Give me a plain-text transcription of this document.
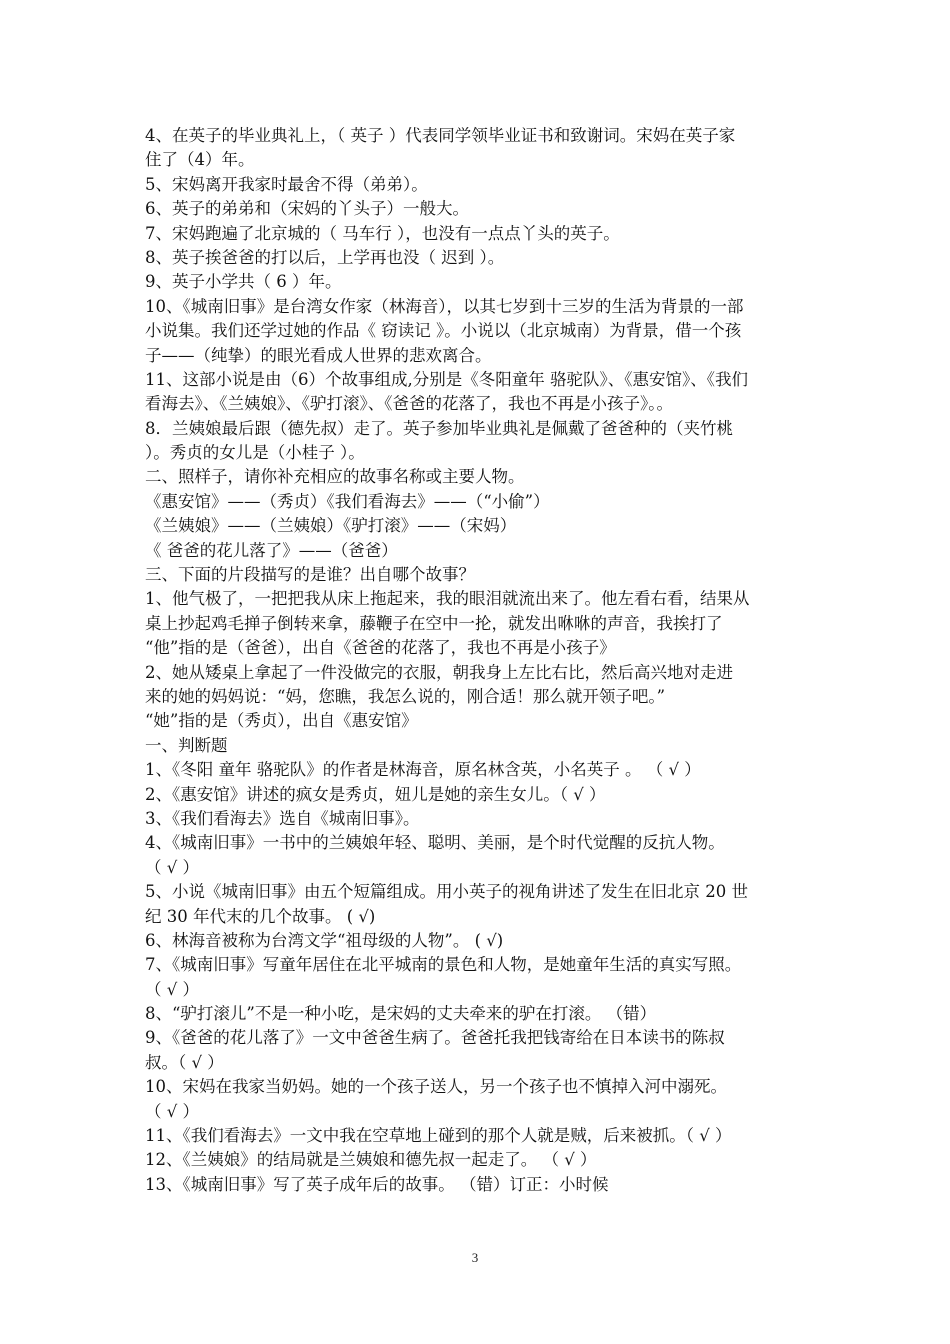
4、在英子的毕业典礼上，（ 英子 ）代表同学领毕业证书和致谢词。宋妈在英子家
住了（4）年。
5、宋妈离开我家时最舍不得（弟弟）。
6、英子的弟弟和（宋妈的丫头子）一般大。
7、宋妈跑遍了北京城的（ 马车行 ），也没有一点点丫头的英子。
8、英子挨爸爸的打以后，上学再也没（ 迟到 ）。
9、英子小学共（ 6 ）年。
10、《城南旧事》是台湾女作家（林海音），以其七岁到十三岁的生活为背景的一部
小说集。我们还学过她的作品《 窃读记 》。小说以（北京城南）为背景，借一个孩
子——（纯挚）的眼光看成人世界的悲欢离合。
11、这部小说是由（6）个故事组成,分别是《冬阳童年 骆驼队》、《惠安馆》、《我们
看海去》、《兰姨娘》、《驴打滚》、《爸爸的花落了，我也不再是小孩子》。。
8．兰姨娘最后跟（德先叔）走了。英子参加毕业典礼是佩戴了爸爸种的（夹竹桃
）。秀贞的女儿是（小桂子 ）。
二、照样子，请你补充相应的故事名称或主要人物。
《惠安馆》——（秀贞）《我们看海去》——（“小偷”）
《兰姨娘》——（兰姨娘）《驴打滚》——（宋妈）
《 爸爸的花儿落了》——（爸爸）
三、下面的片段描写的是谁？出自哪个故事？
1、他气极了，一把把我从床上拖起来，我的眼泪就流出来了。他左看右看，结果从
桌上抄起鸡毛掸子倒转来拿，藤鞭子在空中一抡，就发出咻咻的声音，我挨打了
“他”指的是（爸爸），出自《爸爸的花落了，我也不再是小孩子》
2、她从矮桌上拿起了一件没做完的衣服，朝我身上左比右比，然后高兴地对走进
来的她的妈妈说：“妈，您瞧，我怎么说的，刚合适！那么就开领子吧。”
“她”指的是（秀贞），出自《惠安馆》
一、判断题
1、《冬阳 童年 骆驼队》的作者是林海音，原名林含英，小名英子 。 （ √ ）
2、《惠安馆》讲述的疯女是秀贞，妞儿是她的亲生女儿。（ √ ）
3、《我们看海去》选自《城南旧事》。
4、《城南旧事》一书中的兰姨娘年轻、聪明、美丽，是个时代觉醒的反抗人物。
（ √ ）
5、小说《城南旧事》由五个短篇组成。用小英子的视角讲述了发生在旧北京 20 世
纪 30 年代末的几个故事。 ( √)
6、林海音被称为台湾文学“祖母级的人物”。 ( √)
7、《城南旧事》写童年居住在北平城南的景色和人物，是她童年生活的真实写照。
（ √ ）
8、“驴打滚儿”不是一种小吃，是宋妈的丈夫牵来的驴在打滚。 （错）
9、《爸爸的花儿落了》一文中爸爸生病了。爸爸托我把钱寄给在日本读书的陈叔
叔。（ √ ）
10、宋妈在我家当奶妈。她的一个孩子送人，另一个孩子也不慎掉入河中溺死。
（ √ ）
11、《我们看海去》一文中我在空草地上碰到的那个人就是贼，后来被抓。（ √ ）
12、《兰姨娘》的结局就是兰姨娘和德先叔一起走了。 （ √ ）
13、《城南旧事》写了英子成年后的故事。 （错）订正：小时候
3
